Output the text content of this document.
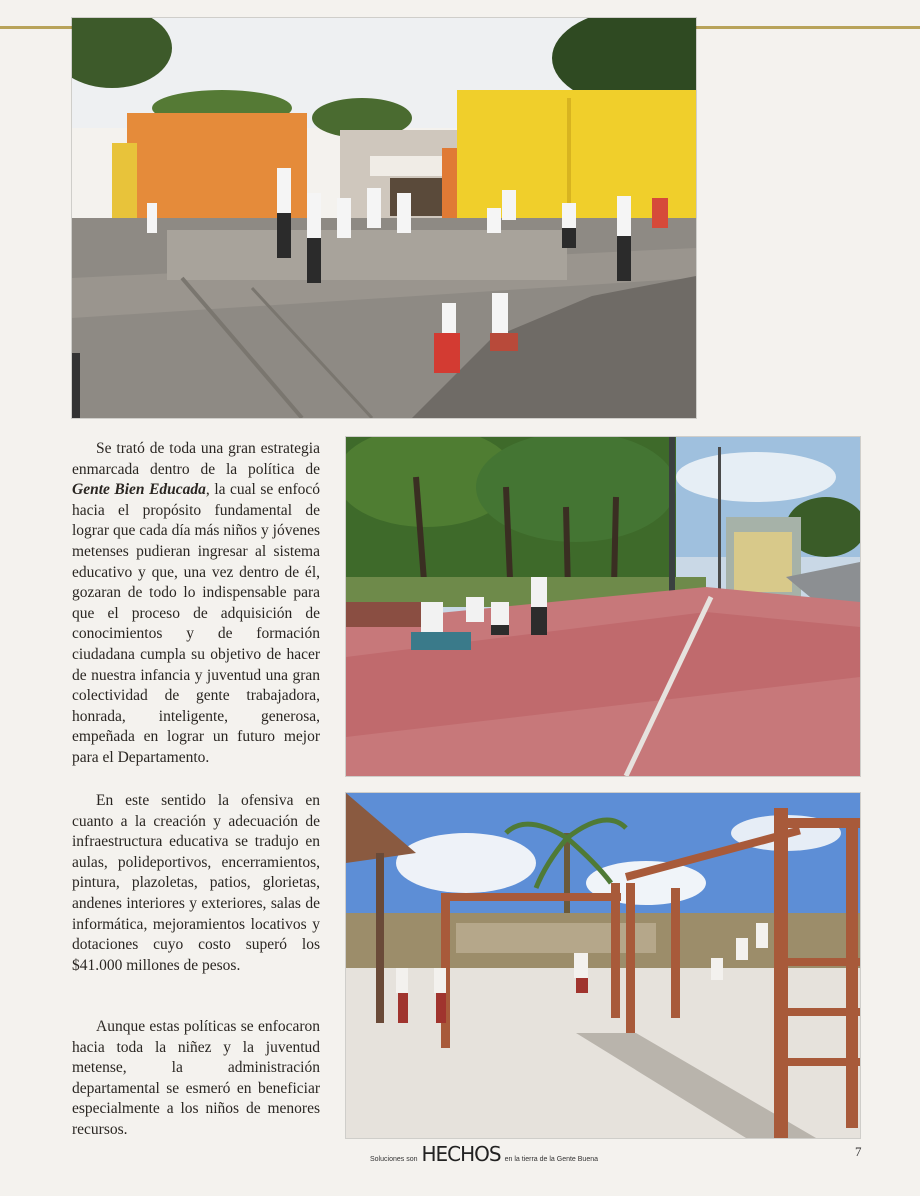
Se trató de toda una gran estrategia enmarcada dentro de la política de Gente Bien Educada, la cual se enfocó hacia el propósito fundamental de lograr que cada día más niños y jóvenes metenses pudieran ingresar al sistema educativo y que, una vez dentro de él, gozaran de todo lo indispensable para que el proceso de adquisición de conocimientos y de formación ciudadana cumpla su objetivo de hacer de nuestra infancia y juventud una gran colectividad de gente trabajadora, honrada, inteligente, generosa, empeñada en lograr un futuro mejor para el Departamento.

En este sentido la ofensiva en cuanto a la creación y adecuación de infraestructura educativa se tradujo en aulas, polideportivos, encerramientos, pintura, plazoletas, patios, glorietas, andenes interiores y exteriores, salas de informática, mejoramientos locativos y dotaciones cuyo costo superó los $41.000 millones de pesos.

Aunque estas políticas se enfocaron hacia toda la niñez y la juventud metense, la administración departamental se esmeró en beneficiar especialmente a los niños de menores recursos.

Soluciones son HECHOS en la tierra de la Gente Buena
7
